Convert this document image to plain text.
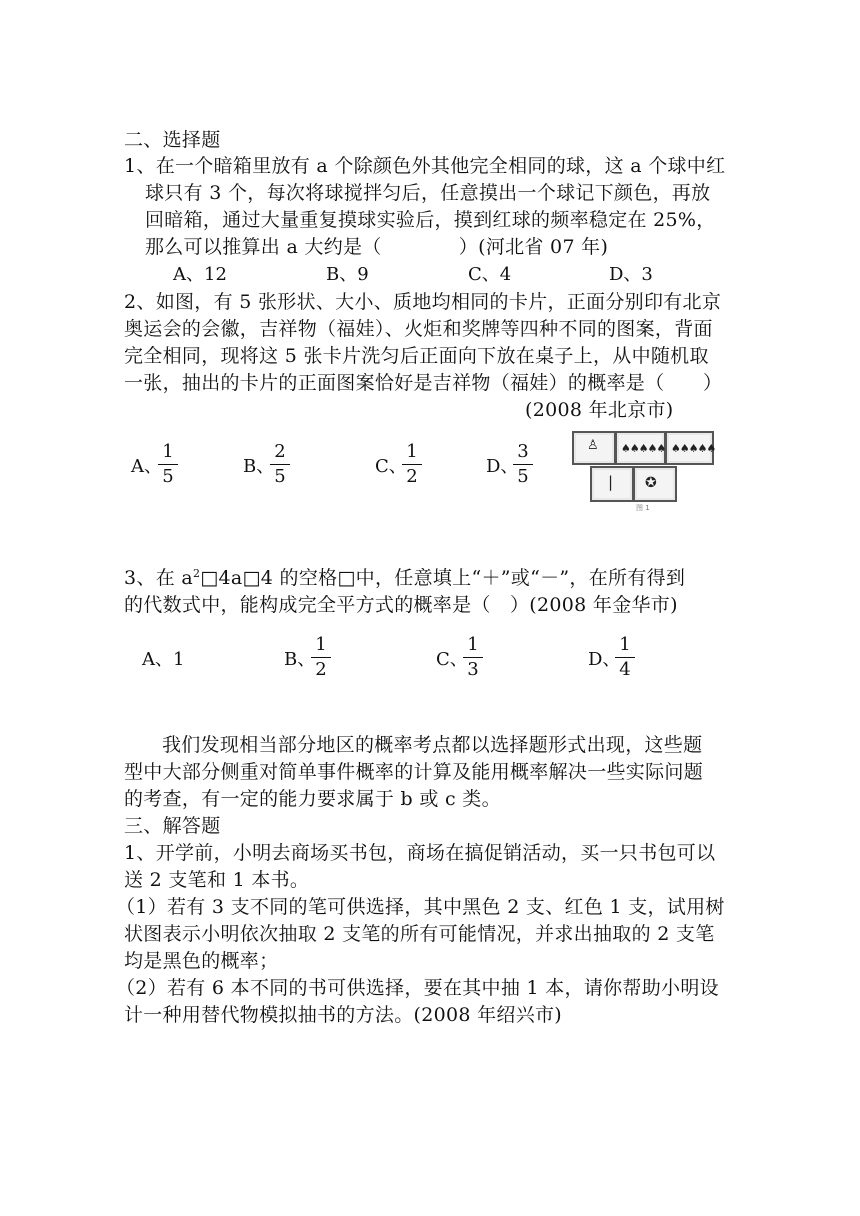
二、选择题
1、在一个暗箱里放有 a 个除颜色外其他完全相同的球，这 a 个球中红
球只有 3 个，每次将球搅拌匀后，任意摸出一个球记下颜色，再放
回暗箱，通过大量重复摸球实验后，摸到红球的频率稳定在 25%，
那么可以推算出 a 大约是（　　　　）(河北省 07 年)
A、12	B、9	C、4	D、3
2、如图，有 5 张形状、大小、质地均相同的卡片，正面分别印有北京
奥运会的会徽，吉祥物（福娃）、火炬和奖牌等四种不同的图案，背面
完全相同，现将这 5 张卡片洗匀后正面向下放在桌子上，从中随机取
一张，抽出的卡片的正面图案恰好是吉祥物（福娃）的概率是（　　）
(2008 年北京市)
A、
1
5	B、
2
5	C、
1
2	D、
3
5
♙ ♠♠♠♠♠ ♠♠♠♠♠
| ✪
图 1
3、在 $a^2□4a□4$ 的空格□中，任意填上“＋”或“－”，在所有得到
的代数式中，能构成完全平方式的概率是（　）(2008 年金华市)
A、1	B、
1
2	C、
1
3	D、
1
4
我们发现相当部分地区的概率考点都以选择题形式出现，这些题
型中大部分侧重对简单事件概率的计算及能用概率解决一些实际问题
的考查，有一定的能力要求属于 b 或 c 类。
三、解答题
1、开学前，小明去商场买书包，商场在搞促销活动，买一只书包可以
送 2 支笔和 1 本书。
（1）若有 3 支不同的笔可供选择，其中黑色 2 支、红色 1 支，试用树
状图表示小明依次抽取 2 支笔的所有可能情况，并求出抽取的 2 支笔
均是黑色的概率；
（2）若有 6 本不同的书可供选择，要在其中抽 1 本，请你帮助小明设
计一种用替代物模拟抽书的方法。(2008 年绍兴市)
